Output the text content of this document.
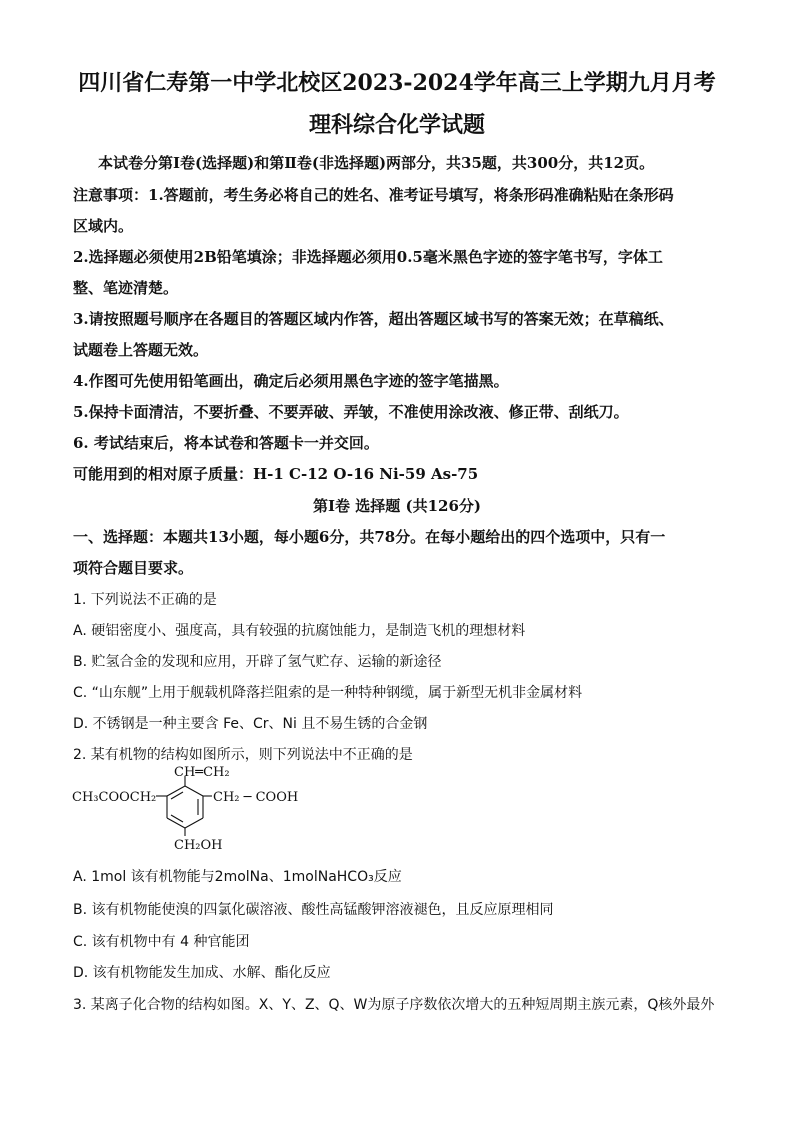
四川省仁寿第一中学北校区2023-2024学年高三上学期九月月考
理科综合化学试题
本试卷分第Ⅰ卷(选择题)和第Ⅱ卷(非选择题)两部分，共35题，共300分，共12页。
注意事项：1.答题前，考生务必将自己的姓名、准考证号填写，将条形码准确粘贴在条形码
区域内。
2.选择题必须使用2B铅笔填涂；非选择题必须用0.5毫米黑色字迹的签字笔书写，字体工
整、笔迹清楚。
3.请按照题号顺序在各题目的答题区域内作答，超出答题区域书写的答案无效；在草稿纸、
试题卷上答题无效。
4.作图可先使用铅笔画出，确定后必须用黑色字迹的签字笔描黑。
5.保持卡面清洁，不要折叠、不要弄破、弄皱，不准使用涂改液、修正带、刮纸刀。
6. 考试结束后，将本试卷和答题卡一并交回。
可能用到的相对原子质量：H-1 C-12 O-16 Ni-59 As-75
第Ⅰ卷 选择题 (共126分)
一、选择题：本题共13小题，每小题6分，共78分。在每小题给出的四个选项中，只有一
项符合题目要求。
1. 下列说法不正确的是
A. 硬铝密度小、强度高，具有较强的抗腐蚀能力，是制造飞机的理想材料
B. 贮氢合金的发现和应用，开辟了氢气贮存、运输的新途径
C. “山东舰”上用于舰载机降落拦阻索的是一种特种钢缆，属于新型无机非金属材料
D. 不锈钢是一种主要含 Fe、Cr、Ni 且不易生锈的合金钢
2. 某有机物的结构如图所示，则下列说法中不正确的是
CH═CH₂
CH₃COOCH₂	CH₂ ─ COOH
CH₂OH
A. 1mol 该有机物能与2molNa、1molNaHCO₃反应
B. 该有机物能使溴的四氯化碳溶液、酸性高锰酸钾溶液褪色，且反应原理相同
C. 该有机物中有 4 种官能团
D. 该有机物能发生加成、水解、酯化反应
3. 某离子化合物的结构如图。X、Y、Z、Q、W为原子序数依次增大的五种短周期主族元素，Q核外最外
